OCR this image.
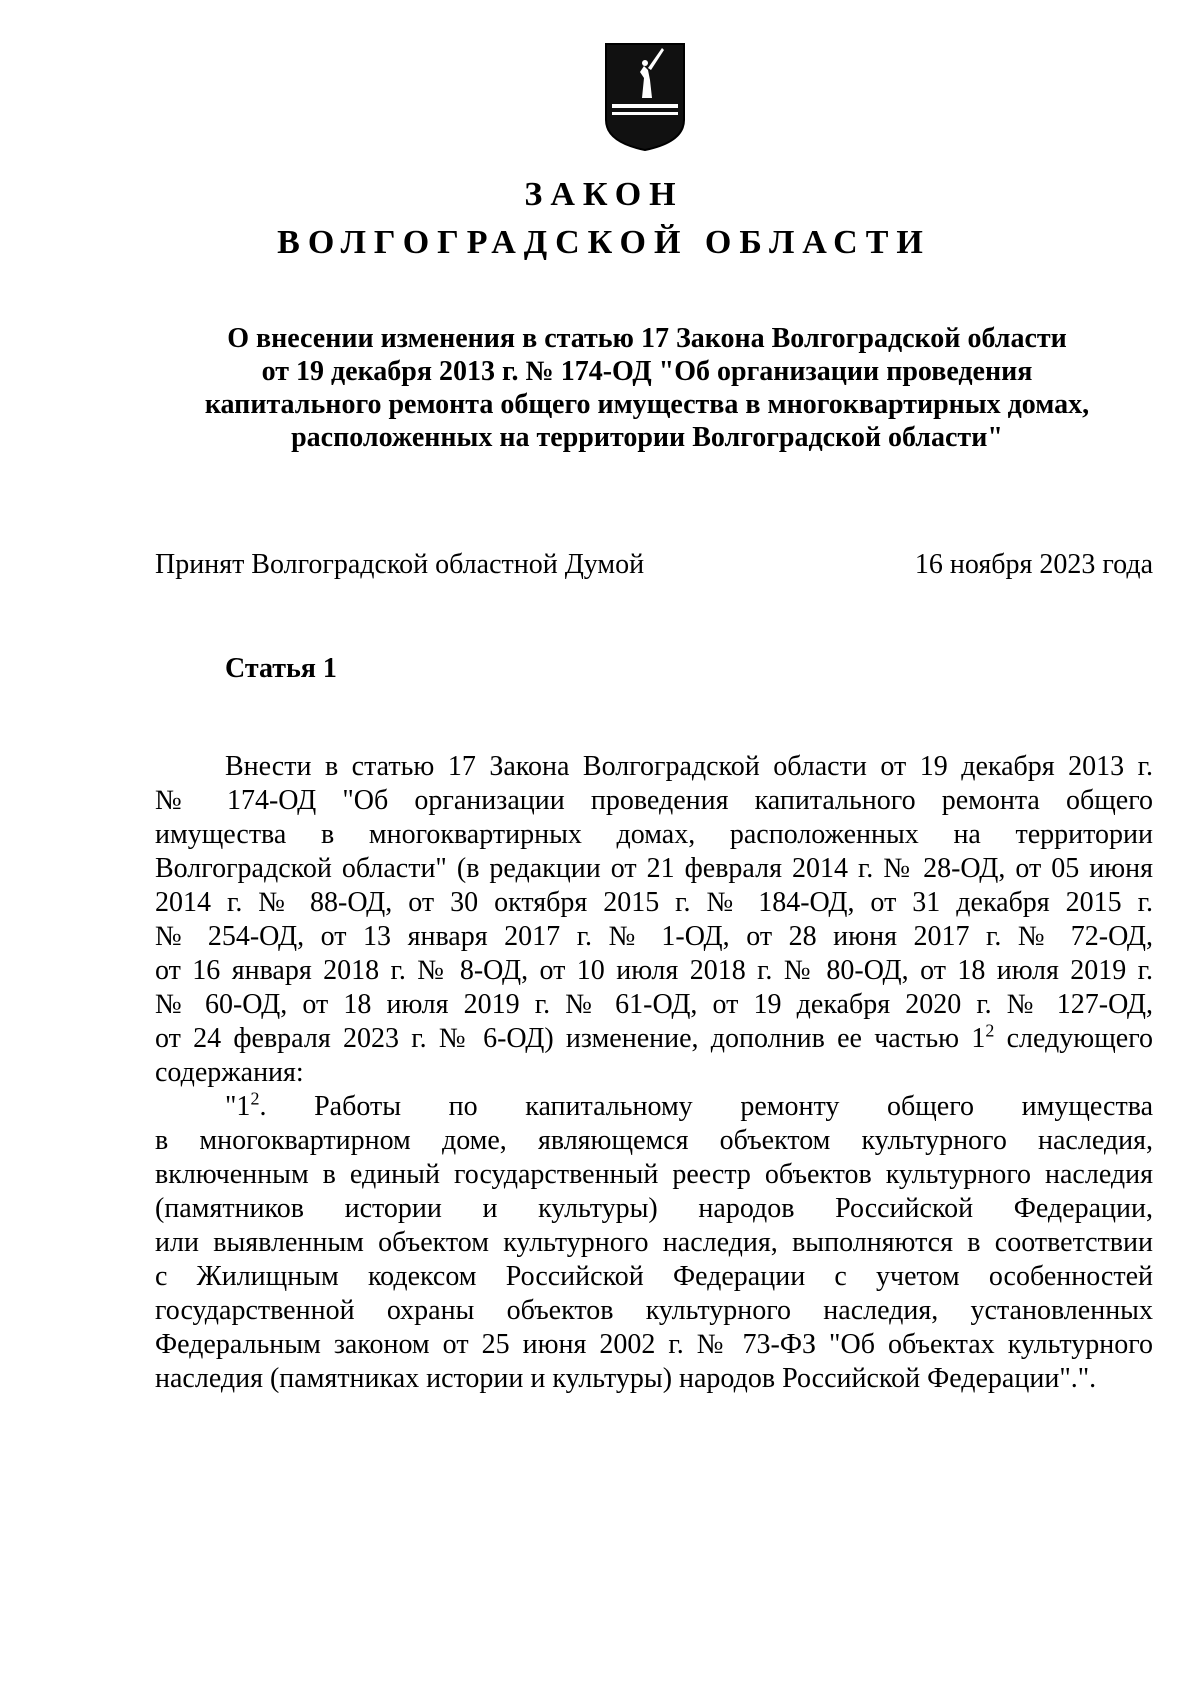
ЗАКОН
ВОЛГОГРАДСКОЙ ОБЛАСТИ
О внесении изменения в статью 17 Закона Волгоградской области
от 19 декабря 2013 г. № 174-ОД "Об организации проведения
капитального ремонта общего имущества в многоквартирных домах,
расположенных на территории Волгоградской области"
Принят Волгоградской областной Думой	16 ноября 2023 года
Статья 1
Внести в статью 17 Закона Волгоградской области от 19 декабря 2013 г.
№ 174-ОД "Об организации проведения капитального ремонта общего
имущества в многоквартирных домах, расположенных на территории
Волгоградской области" (в редакции от 21 февраля 2014 г. № 28-ОД, от 05 июня
2014 г. № 88-ОД, от 30 октября 2015 г. № 184-ОД, от 31 декабря 2015 г.
№ 254-ОД, от 13 января 2017 г. № 1-ОД, от 28 июня 2017 г. № 72-ОД,
от 16 января 2018 г. № 8-ОД, от 10 июля 2018 г. № 80-ОД, от 18 июля 2019 г.
№ 60-ОД, от 18 июля 2019 г. № 61-ОД, от 19 декабря 2020 г. № 127-ОД,
от 24 февраля 2023 г. № 6-ОД) изменение, дополнив ее частью $1^2$ следующего
содержания:
"$1^2$. Работы по капитальному ремонту общего имущества
в многоквартирном доме, являющемся объектом культурного наследия,
включенным в единый государственный реестр объектов культурного наследия
(памятников истории и культуры) народов Российской Федерации,
или выявленным объектом культурного наследия, выполняются в соответствии
с Жилищным кодексом Российской Федерации с учетом особенностей
государственной охраны объектов культурного наследия, установленных
Федеральным законом от 25 июня 2002 г. № 73-ФЗ "Об объектах культурного
наследия (памятниках истории и культуры) народов Российской Федерации".".
